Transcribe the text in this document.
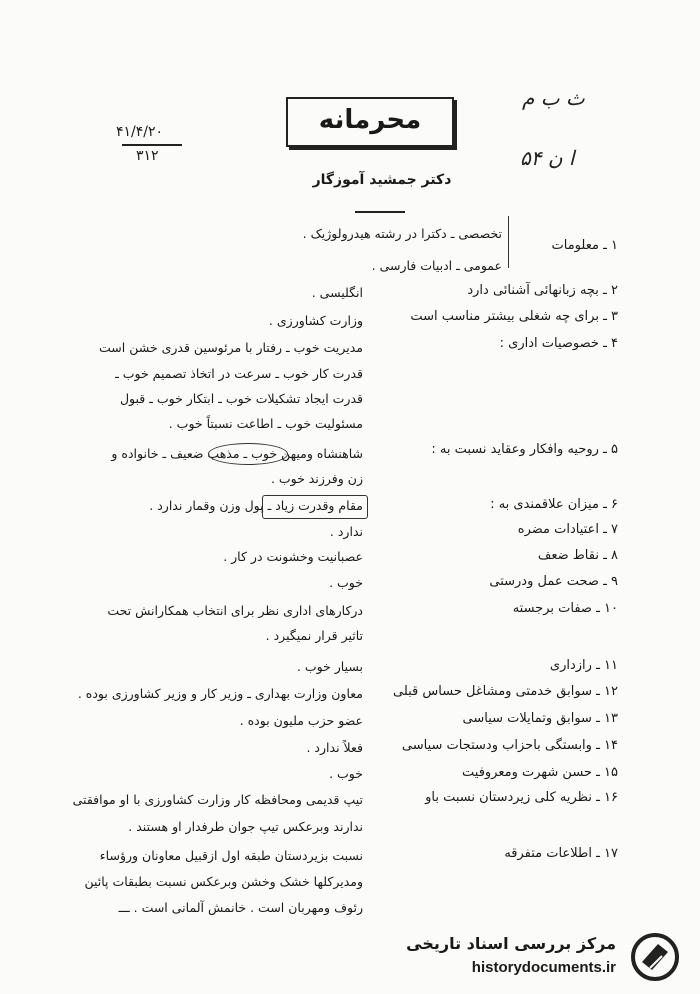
ث ب م
ا ن ۵۴
محرمانه
۴۱/۴/۲۰
۳۱۲
دکتر جمشید آموزگار
۱ ـ معلومات
تخصصی ـ دکترا در رشته هیدرولوژیک .
عمومی ـ ادبیات فارسی .
۲ ـ بچه زبانهائی آشنائی دارد
۳ ـ برای چه شغلی بیشتر مناسب است
۴ ـ خصوصیات اداری :
۵ ـ روحیه وافکار وعقاید نسبت به :
۶ ـ میزان علاقمندی به :
۷ ـ اعتیادات مضره
۸ ـ نقاط ضعف
۹ ـ صحت عمل ودرستی
۱۰ ـ صفات برجسته
۱۱ ـ رازداری
۱۲ ـ سوابق خدمتی ومشاغل حساس قبلی
۱۳ ـ سوابق وتمایلات سیاسی
۱۴ ـ وابستگی باحزاب ودستجات سیاسی
۱۵ ـ حسن شهرت ومعروفیت
۱۶ ـ نظریه کلی زیردستان نسبت باو
۱۷ ـ اطلاعات متفرقه
انگلیسی .
وزارت کشاورزی .
مدیریت خوب ـ رفتار با مرئوسین قدری خشن است
قدرت کار خوب ـ سرعت در اتخاذ تصمیم خوب ـ
قدرت ایجاد تشکیلات خوب ـ ابتکار خوب ـ قبول
مسئولیت خوب ـ اطاعت نسبتاً خوب .
شاهنشاه ومیهن خوب ـ مذهب ضعیف ـ خانواده و
زن وفرزند خوب .
مقام وقدرت زیاد ـ پول وزن وقمار ندارد .
ندارد .
عصبانیت وخشونت در کار .
خوب .
درکارهای اداری نظر برای انتخاب همکارانش تحت
تاثیر قرار نمیگیرد .
بسیار خوب .
معاون وزارت بهداری ـ وزیر کار و وزیر کشاورزی بوده .
عضو حزب مليون بوده .
فعلاً ندارد .
خوب .
تیپ قدیمی ومحافظه کار وزارت کشاورزی با او موافقتی
ندارند وبرعکس تیپ جوان طرفدار او هستند .
نسبت بزیردستان طبقه اول ازقبیل معاونان ورؤساء
ومدیرکلها خشک وخشن وبرعکس نسبت بطبقات پائین
رئوف ومهربان است . خانمش آلمانی است . ـــ
مرکز بررسی اسناد تاریخی
historydocuments.ir
